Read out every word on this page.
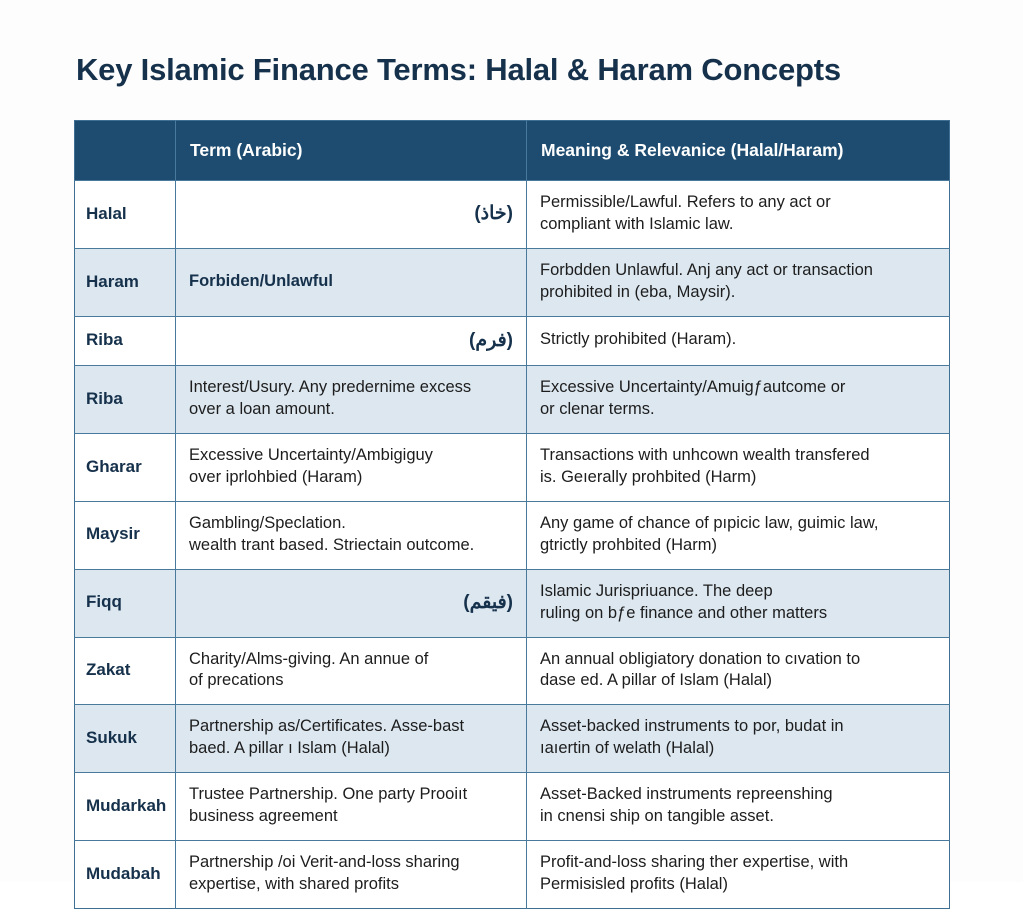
Key Islamic Finance Terms: Halal & Haram Concepts
	Term (Arabic)	Meaning & Relevanice (Halal/Haram)
Halal	(خاذ)	Permissible/Lawful. Refers to any act or
compliant with Islamic law.

Haram	Forbiden/Unlawful	Forbdden Unlawful. Anј any act or transaction
prohibited in (eba, Maysir).

Riba	(فرم)	Strictly prohibited (Haram).

Riba	Interest/Usury. Any predernime excess
over a loan amount.	Excessive Uncertainty/Amuigƒautcome or
or clenar terms.

Gharar	Excessive Uncertainty/Ambigiguy
over iprlohbied (Haram)	Transactions with unhcown wealth transfered
is. Geıerally prohbited (Harm)

Maysir	Gambling/Speclation.
wealth trant based. Striectain outcome.	Any game of chance of pıpicic law, guimic law,
gtrictly prohbited (Harm)

Fiqq	(فيقم)	Islamic Jurispriuance. The deep
ruling on bƒe finance and other matters

Zakat	Charity/Alms-giving. An annue of
of precations	An annual obligiatory donation to cıvation to
dase ed. A pillar of Islam (Halal)

Sukuk	Partnership as/Certificates. Asse-bast
baed. A pillar ı Islam (Halal)	Asset-backed instruments to por, budat in
ıaıertin of welath (Halal)

Mudarkah	Trustee Partnership. One party Prooiıt
business agreement	Asset-Backed instruments repreenshing
in cnensi ship on tangible asset.

Mudabah	Partnership /oi Verit-and-loss sharing
expertise, with shared profits	Profit-and-loss sharing ther expertise, with
Permisisled profits (Halal)
